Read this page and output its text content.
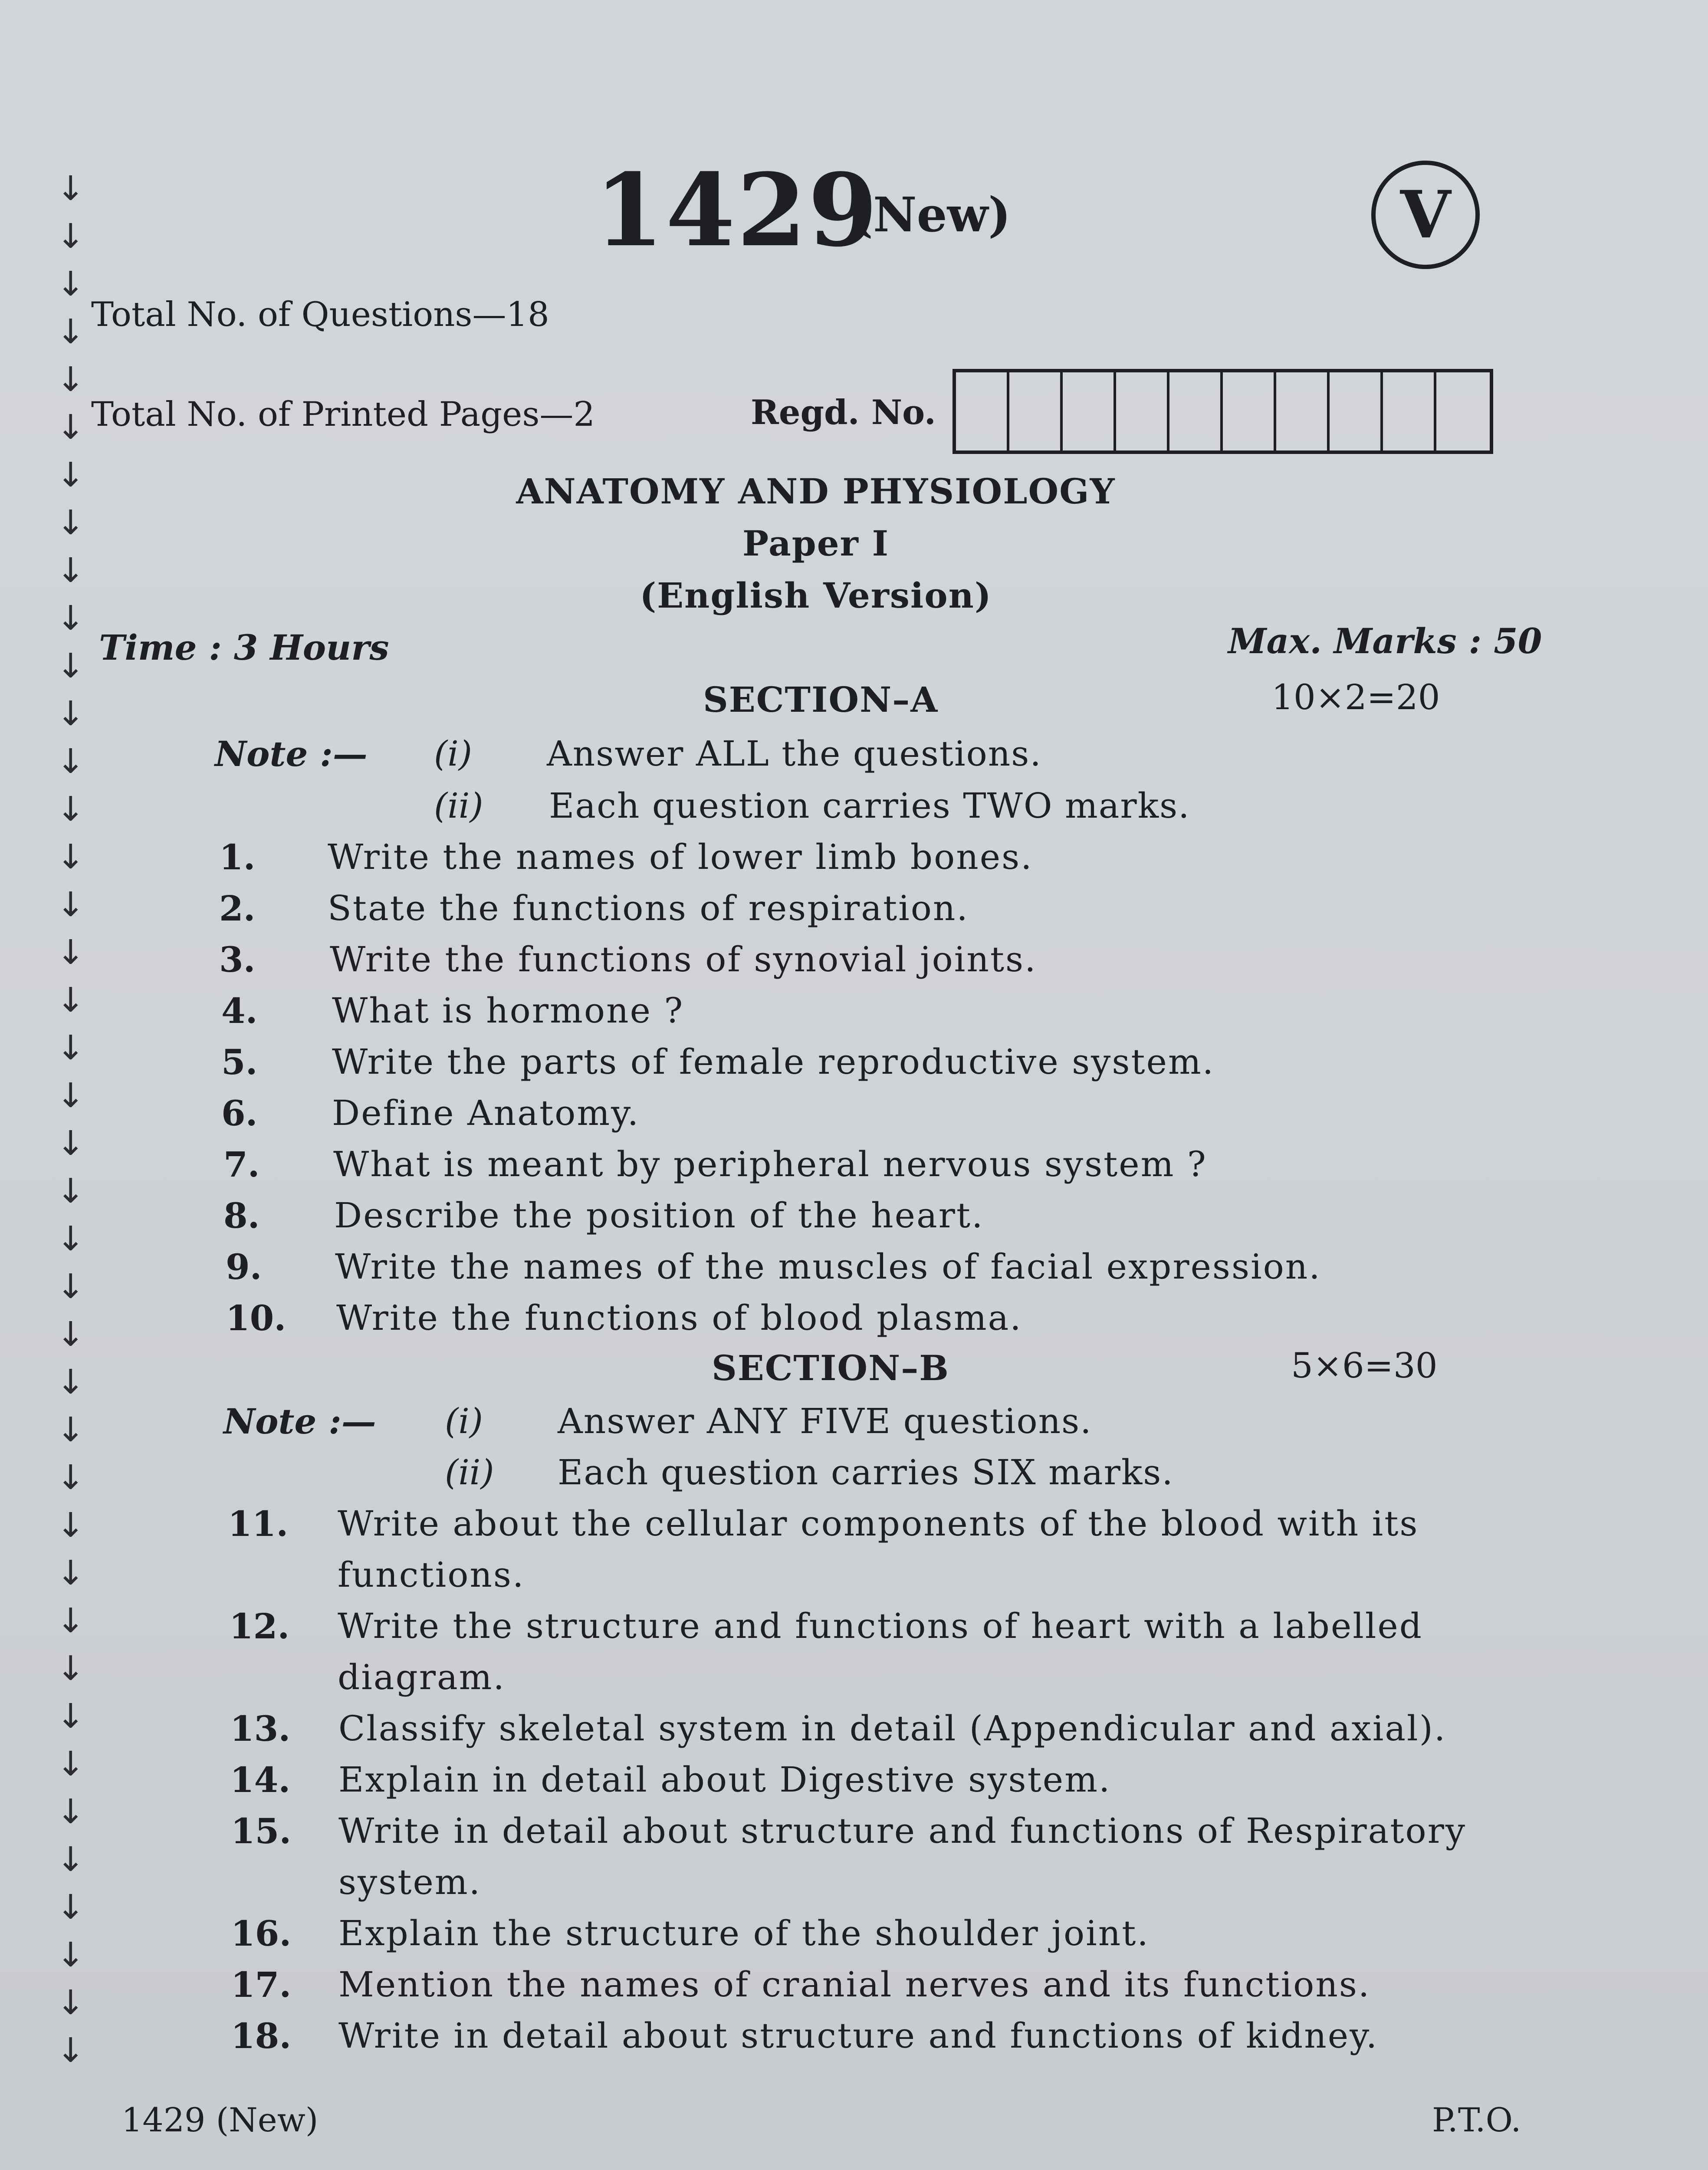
↓
↓
↓
↓
↓
↓
↓
↓
↓
↓
↓
↓
↓
↓
↓
↓
↓
↓
↓
↓
↓
↓
↓
↓
↓
↓
↓
↓
↓
↓
↓
↓
↓
↓
↓
↓
↓
↓
↓
↓
1429
(New)	V
Total No. of Questions—18
Total No. of Printed Pages—2	Regd. No.
ANATOMY AND PHYSIOLOGY
Paper I
(English Version)
Time : 3 Hours	Max. Marks : 50
SECTION–A	10×2=20
Note :— (i) Answer ALL the questions.
(ii) Each question carries TWO marks.
1. Write the names of lower limb bones.
2. State the functions of respiration.
3. Write the functions of synovial joints.
4. What is hormone ?
5. Write the parts of female reproductive system.
6. Define Anatomy.
7. What is meant by peripheral nervous system ?
8. Describe the position of the heart.
9. Write the names of the muscles of facial expression.
10. Write the functions of blood plasma.
SECTION–B	5×6=30
Note :— (i) Answer ANY FIVE questions.
(ii) Each question carries SIX marks.
11. Write about the cellular components of the blood with its
functions.
12. Write the structure and functions of heart with a labelled
diagram.
13. Classify skeletal system in detail (Appendicular and axial).
14. Explain in detail about Digestive system.
15. Write in detail about structure and functions of Respiratory
system.
16. Explain the structure of the shoulder joint.
17. Mention the names of cranial nerves and its functions.
18. Write in detail about structure and functions of kidney.
1429 (New)	P.T.O.
